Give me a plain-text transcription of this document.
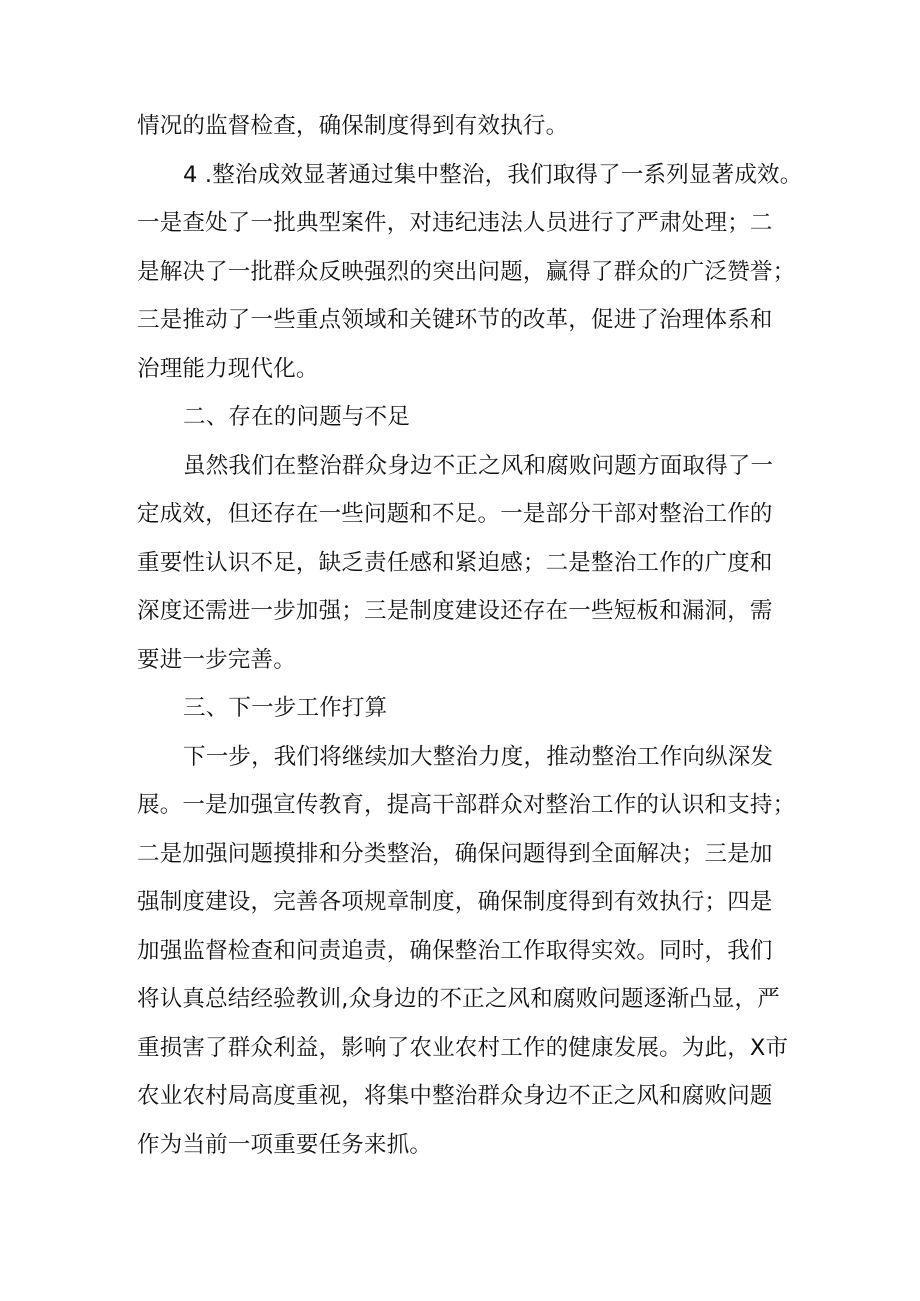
情况的监督检查，确保制度得到有效执行。
4 .整治成效显著通过集中整治，我们取得了一系列显著成效。
一是查处了一批典型案件，对违纪违法人员进行了严肃处理；二
是解决了一批群众反映强烈的突出问题，赢得了群众的广泛赞誉；
三是推动了一些重点领域和关键环节的改革，促进了治理体系和
治理能力现代化。
二、存在的问题与不足
虽然我们在整治群众身边不正之风和腐败问题方面取得了一
定成效，但还存在一些问题和不足。一是部分干部对整治工作的
重要性认识不足，缺乏责任感和紧迫感；二是整治工作的广度和
深度还需进一步加强；三是制度建设还存在一些短板和漏洞，需
要进一步完善。
三、下一步工作打算
下一步，我们将继续加大整治力度，推动整治工作向纵深发
展。一是加强宣传教育，提高干部群众对整治工作的认识和支持；
二是加强问题摸排和分类整治，确保问题得到全面解决；三是加
强制度建设，完善各项规章制度，确保制度得到有效执行；四是
加强监督检查和问责追责，确保整治工作取得实效。同时，我们
将认真总结经验教训,众身边的不正之风和腐败问题逐渐凸显，严
重损害了群众利益，影响了农业农村工作的健康发展。为此，X市
农业农村局高度重视，将集中整治群众身边不正之风和腐败问题
作为当前一项重要任务来抓。
